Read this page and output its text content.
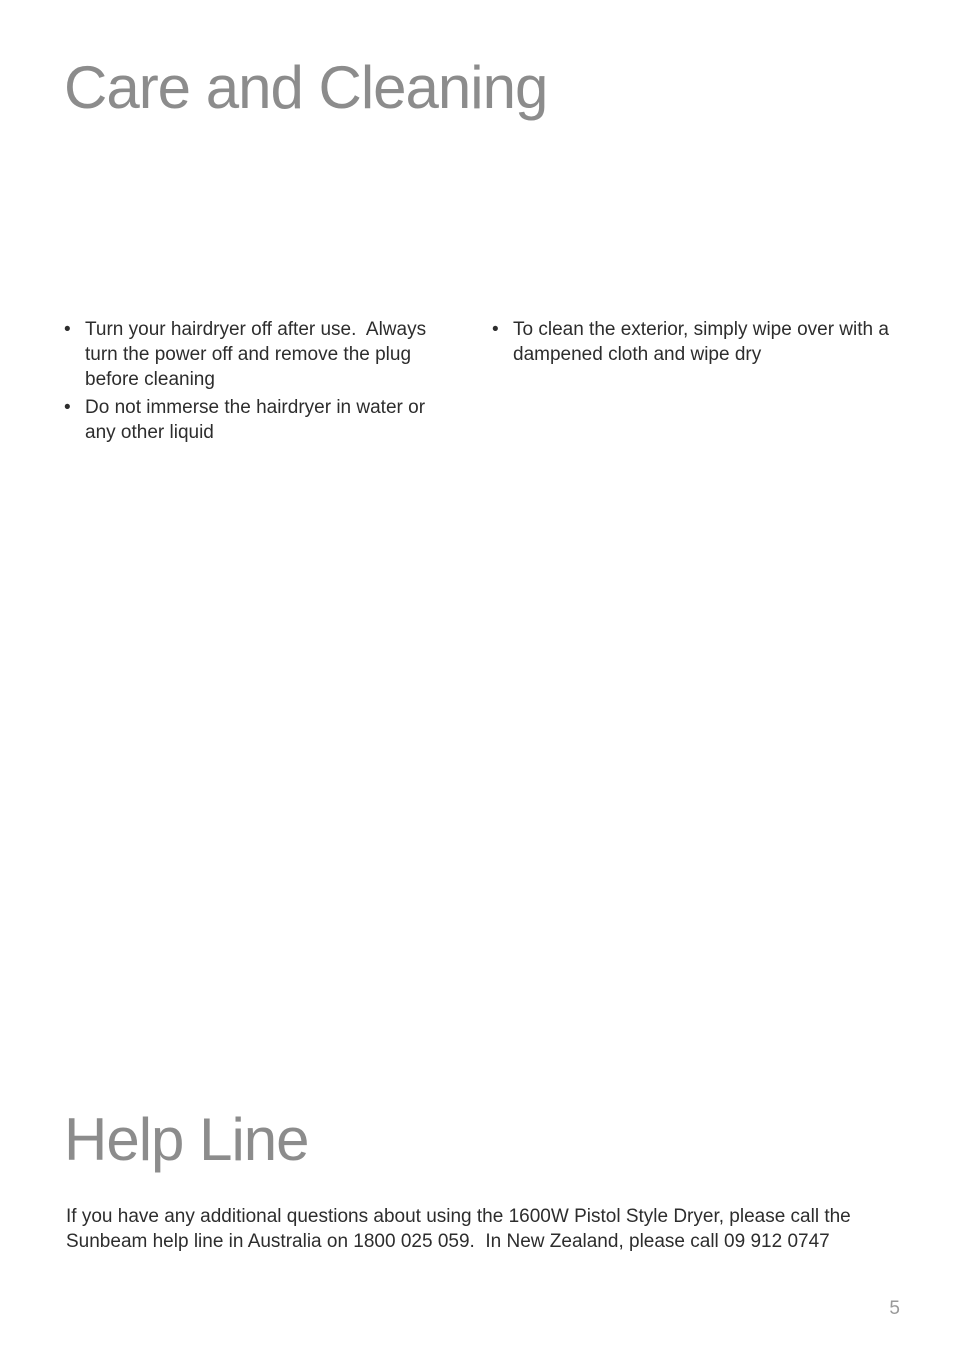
Care and Cleaning
• Turn your hairdryer off after use.  Always turn the power off and remove the plug before cleaning
• Do not immerse the hairdryer in water or any other liquid
• To clean the exterior, simply wipe over with a dampened cloth and wipe dry
Help Line

If you have any additional questions about using the 1600W Pistol Style Dryer, please call the
Sunbeam help line in Australia on 1800 025 059.  In New Zealand, please call 09 912 0747

5
